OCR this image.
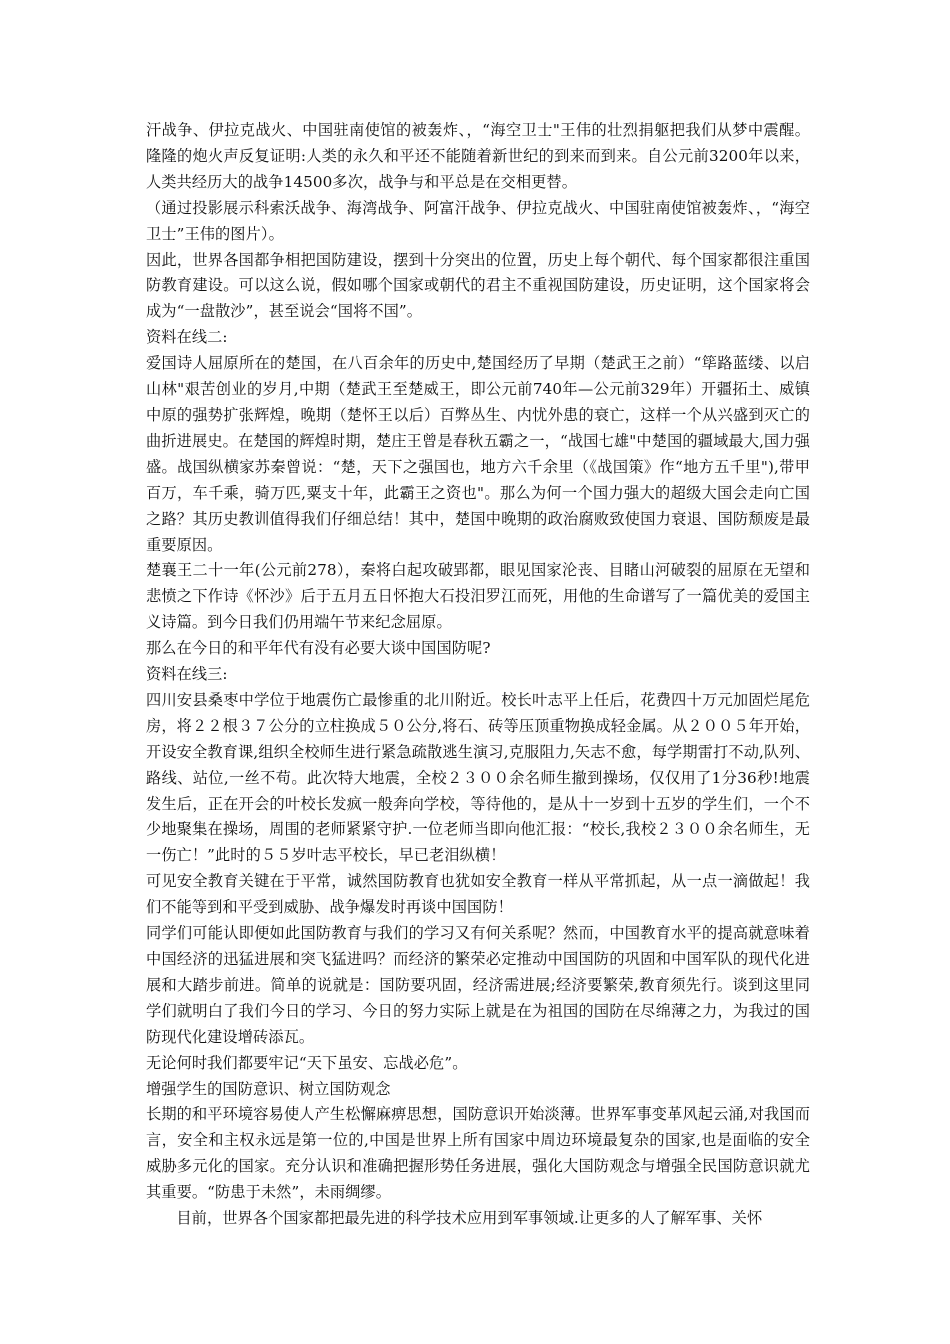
汗战争、伊拉克战火、中国驻南使馆的被轰炸、，“海空卫士"王伟的壮烈捐躯把我们从梦中震醒。隆隆的炮火声反复证明:人类的永久和平还不能随着新世纪的到来而到来。自公元前3200年以来，人类共经历大的战争14500多次，战争与和平总是在交相更替。

（通过投影展示科索沃战争、海湾战争、阿富汗战争、伊拉克战火、中国驻南使馆被轰炸、，“海空卫士”王伟的图片）。

因此，世界各国都争相把国防建设，摆到十分突出的位置，历史上每个朝代、每个国家都很注重国防教育建设。可以这么说，假如哪个国家或朝代的君主不重视国防建设，历史证明，这个国家将会成为“一盘散沙”，甚至说会“国将不国”。

资料在线二:

爱国诗人屈原所在的楚国，在八百余年的历史中,楚国经历了早期（楚武王之前）“筚路蓝缕、以启山林"艰苦创业的岁月,中期（楚武王至楚威王，即公元前740年—公元前329年）开疆拓土、威镇中原的强势扩张辉煌，晚期（楚怀王以后）百弊丛生、内忧外患的衰亡，这样一个从兴盛到灭亡的曲折进展史。在楚国的辉煌时期，楚庄王曾是春秋五霸之一，“战国七雄"中楚国的疆域最大,国力强盛。战国纵横家苏秦曾说：“楚，天下之强国也，地方六千余里（《战国策》作“地方五千里"),带甲百万，车千乘，骑万匹,粟支十年，此霸王之资也"。那么为何一个国力强大的超级大国会走向亡国之路？其历史教训值得我们仔细总结！其中，楚国中晚期的政治腐败致使国力衰退、国防颓废是最重要原因。

楚襄王二十一年(公元前278），秦将白起攻破郢都，眼见国家沦丧、目睹山河破裂的屈原在无望和悲愤之下作诗《怀沙》后于五月五日怀抱大石投汨罗江而死，用他的生命谱写了一篇优美的爱国主义诗篇。到今日我们仍用端午节来纪念屈原。

那么在今日的和平年代有没有必要大谈中国国防呢?

资料在线三:

四川安县桑枣中学位于地震伤亡最惨重的北川附近。校长叶志平上任后，花费四十万元加固烂尾危房，将２２根３７公分的立柱换成５０公分,将石、砖等压顶重物换成轻金属。从２００５年开始，开设安全教育课,组织全校师生进行紧急疏散逃生演习,克服阻力,矢志不愈，每学期雷打不动,队列、路线、站位,一丝不苟。此次特大地震，全校２３００余名师生撤到操场，仅仅用了1分36秒!地震发生后，正在开会的叶校长发疯一般奔向学校，等待他的，是从十一岁到十五岁的学生们，一个不少地聚集在操场，周围的老师紧紧守护.一位老师当即向他汇报：“校长,我校２３００余名师生，无一伤亡！”此时的５５岁叶志平校长，早已老泪纵横！

可见安全教育关键在于平常，诚然国防教育也犹如安全教育一样从平常抓起，从一点一滴做起！我们不能等到和平受到威胁、战争爆发时再谈中国国防！

同学们可能认即便如此国防教育与我们的学习又有何关系呢？然而，中国教育水平的提高就意味着中国经济的迅猛进展和突飞猛进吗？而经济的繁荣必定推动中国国防的巩固和中国军队的现代化进展和大踏步前进。简单的说就是：国防要巩固，经济需进展;经济要繁荣,教育须先行。谈到这里同学们就明白了我们今日的学习、今日的努力实际上就是在为祖国的国防在尽绵薄之力，为我过的国防现代化建设增砖添瓦。

无论何时我们都要牢记“天下虽安、忘战必危”。

增强学生的国防意识、树立国防观念

长期的和平环境容易使人产生松懈麻痹思想，国防意识开始淡薄。世界军事变革风起云涌,对我国而言，安全和主权永远是第一位的,中国是世界上所有国家中周边环境最复杂的国家,也是面临的安全威胁多元化的国家。充分认识和准确把握形势任务进展，强化大国防观念与增强全民国防意识就尤其重要。“防患于未然”，未雨绸缪。

目前，世界各个国家都把最先进的科学技术应用到军事领域.让更多的人了解军事、关怀
